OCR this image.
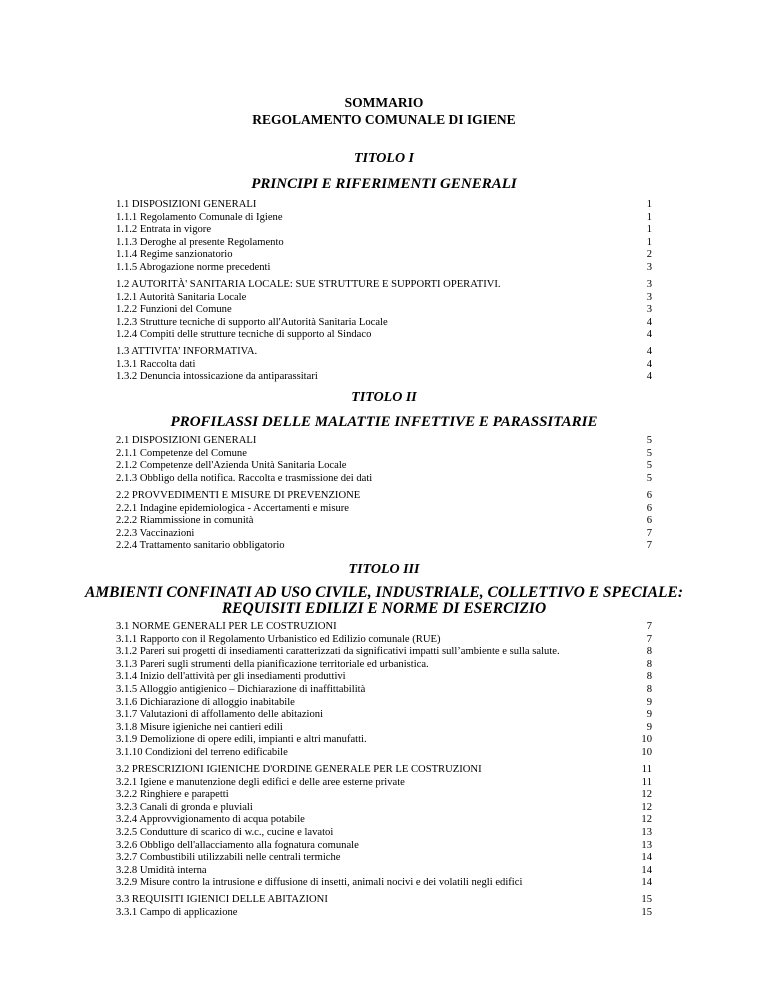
SOMMARIO
REGOLAMENTO COMUNALE DI IGIENE
TITOLO I
PRINCIPI E RIFERIMENTI GENERALI
1.1 DISPOSIZIONI GENERALI	1
1.1.1 Regolamento Comunale di Igiene	1
1.1.2 Entrata in vigore	1
1.1.3 Deroghe al presente Regolamento	1
1.1.4 Regime sanzionatorio	2
1.1.5 Abrogazione norme precedenti	3
1.2 AUTORITÀ' SANITARIA LOCALE: SUE STRUTTURE E SUPPORTI OPERATIVI.	3
1.2.1 Autorità Sanitaria Locale	3
1.2.2 Funzioni del Comune	3
1.2.3 Strutture tecniche di supporto all'Autorità Sanitaria Locale	4
1.2.4 Compiti delle strutture tecniche di supporto al Sindaco	4
1.3 ATTIVITA’ INFORMATIVA.	4
1.3.1 Raccolta dati	4
1.3.2 Denuncia intossicazione da antiparassitari	4
TITOLO II
PROFILASSI DELLE MALATTIE INFETTIVE E PARASSITARIE
2.1 DISPOSIZIONI GENERALI	5
2.1.1 Competenze del Comune	5
2.1.2 Competenze dell'Azienda Unità Sanitaria Locale	5
2.1.3 Obbligo della notifica. Raccolta e trasmissione dei dati	5
2.2 PROVVEDIMENTI E MISURE DI PREVENZIONE	6
2.2.1 Indagine epidemiologica - Accertamenti e misure	6
2.2.2 Riammissione in comunità	6
2.2.3 Vaccinazioni	7
2.2.4 Trattamento sanitario obbligatorio	7
TITOLO III
AMBIENTI CONFINATI AD USO CIVILE, INDUSTRIALE, COLLETTIVO E SPECIALE:
REQUISITI EDILIZI E NORME DI ESERCIZIO
3.1 NORME GENERALI PER LE COSTRUZIONI	7
3.1.1 Rapporto con il Regolamento Urbanistico ed Edilizio comunale (RUE)	7
3.1.2 Pareri sui progetti di insediamenti caratterizzati da significativi impatti sull’ambiente e sulla salute.	8
3.1.3 Pareri sugli strumenti della pianificazione territoriale ed urbanistica.	8
3.1.4 Inizio dell'attività per gli insediamenti produttivi	8
3.1.5 Alloggio antigienico – Dichiarazione di inaffittabilità	8
3.1.6 Dichiarazione di alloggio inabitabile	9
3.1.7 Valutazioni di affollamento delle abitazioni	9
3.1.8 Misure igieniche nei cantieri edili	9
3.1.9 Demolizione di opere edili, impianti e altri manufatti.	10
3.1.10 Condizioni del terreno edificabile	10
3.2 PRESCRIZIONI IGIENICHE D'ORDINE GENERALE PER LE COSTRUZIONI	11
3.2.1 Igiene e manutenzione degli edifici e delle aree esterne private	11
3.2.2 Ringhiere e parapetti	12
3.2.3 Canali di gronda e pluviali	12
3.2.4 Approvvigionamento di acqua potabile	12
3.2.5 Condutture di scarico di w.c., cucine e lavatoi	13
3.2.6 Obbligo dell'allacciamento alla fognatura comunale	13
3.2.7 Combustibili utilizzabili nelle centrali termiche	14
3.2.8 Umidità interna	14
3.2.9 Misure contro la intrusione e diffusione di insetti, animali nocivi e dei volatili negli edifici	14
3.3 REQUISITI IGIENICI DELLE ABITAZIONI	15
3.3.1 Campo di applicazione	15
